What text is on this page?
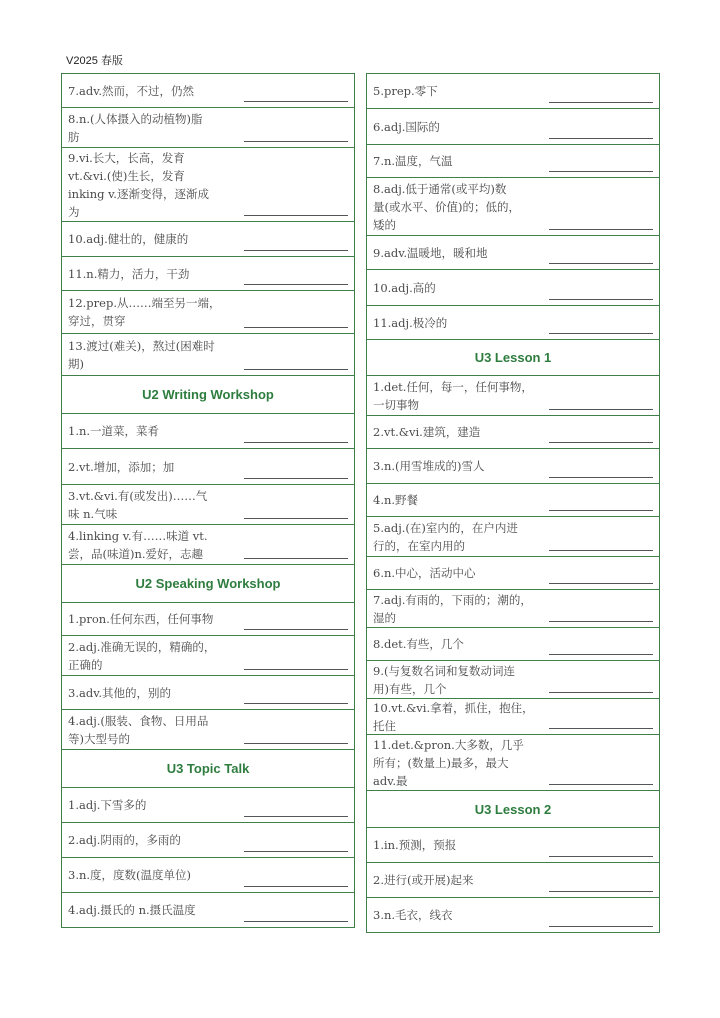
V2025 春版
7.adv.然而，不过，仍然
8.n.(人体摄入的动植物)脂
肪
9.vi.长大，长高，发育
vt.&vi.(使)生长，发育
inking v.逐渐变得，逐渐成
为
10.adj.健壮的，健康的
11.n.精力，活力，干劲
12.prep.从……端至另一端，
穿过，贯穿
13.渡过(难关)，熬过(困难时
期)
U2 Writing Workshop
1.n.一道菜，菜肴
2.vt.增加，添加；加
3.vt.&vi.有(或发出)……气
味 n.气味
4.linking v.有……味道 vt.
尝，品(味道)n.爱好，志趣
U2 Speaking Workshop
1.pron.任何东西，任何事物
2.adj.准确无误的，精确的，
正确的
3.adv.其他的，别的
4.adj.(服装、食物、日用品
等)大型号的
U3 Topic Talk
1.adj.下雪多的
2.adj.阴雨的，多雨的
3.n.度，度数(温度单位)
4.adj.摄氏的 n.摄氏温度
5.prep.零下
6.adj.国际的
7.n.温度，气温
8.adj.低于通常(或平均)数
量(或水平、价值)的；低的，
矮的
9.adv.温暖地，暖和地
10.adj.高的
11.adj.极冷的
U3 Lesson 1
1.det.任何，每一，任何事物，
一切事物
2.vt.&vi.建筑，建造
3.n.(用雪堆成的)雪人
4.n.野餐
5.adj.(在)室内的，在户内进
行的，在室内用的
6.n.中心，活动中心
7.adj.有雨的，下雨的；潮的，
湿的
8.det.有些，几个
9.(与复数名词和复数动词连
用)有些，几个
10.vt.&vi.拿着，抓住，抱住，
托住
11.det.&pron.大多数，几乎
所有；(数量上)最多，最大
adv.最
U3 Lesson 2
1.in.预测，预报
2.进行(或开展)起来
3.n.毛衣，线衣
